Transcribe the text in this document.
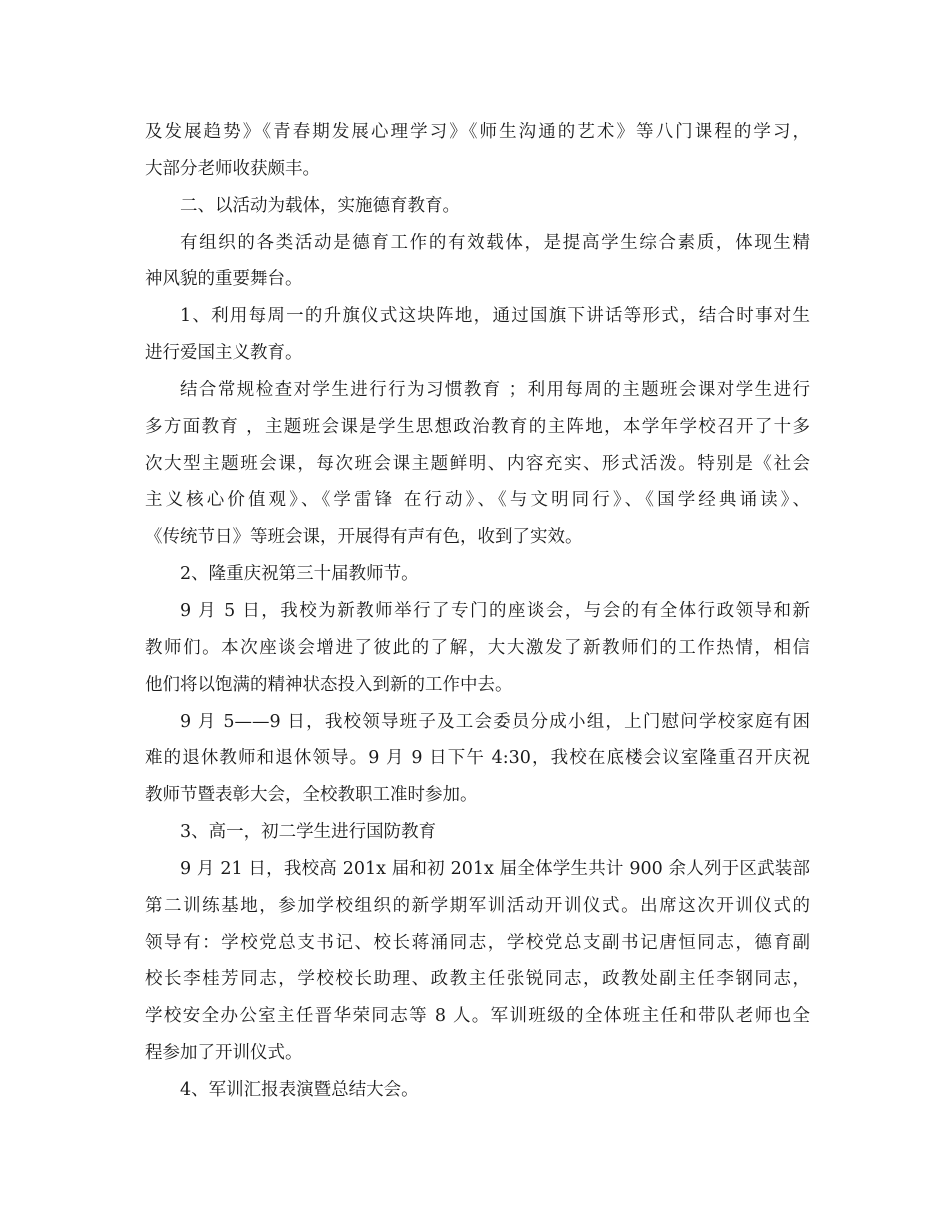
及发展趋势》《青春期发展心理学习》《师生沟通的艺术》等八门课程的学习，
大部分老师收获颇丰。
二、以活动为载体，实施德育教育。
有组织的各类活动是德育工作的有效载体，是提高学生综合素质，体现生精
神风貌的重要舞台。
1、利用每周一的升旗仪式这块阵地，通过国旗下讲话等形式，结合时事对生
进行爱国主义教育。
结合常规检查对学生进行行为习惯教育 ；利用每周的主题班会课对学生进行
多方面教育 ，主题班会课是学生思想政治教育的主阵地，本学年学校召开了十多
次大型主题班会课，每次班会课主题鲜明、内容充实、形式活泼。特别是《社会
主义核心价值观》、《学雷锋 在行动》、《与文明同行》、《国学经典诵读》、
《传统节日》等班会课，开展得有声有色，收到了实效。
2、隆重庆祝第三十届教师节。
9 月 5 日，我校为新教师举行了专门的座谈会，与会的有全体行政领导和新
教师们。本次座谈会增进了彼此的了解，大大激发了新教师们的工作热情，相信
他们将以饱满的精神状态投入到新的工作中去。
9 月 5——9 日，我校领导班子及工会委员分成小组，上门慰问学校家庭有困
难的退休教师和退休领导。9 月 9 日下午 4:30，我校在底楼会议室隆重召开庆祝
教师节暨表彰大会，全校教职工准时参加。
3、高一，初二学生进行国防教育
9 月 21 日，我校高 201x 届和初 201x 届全体学生共计 900 余人列于区武装部
第二训练基地，参加学校组织的新学期军训活动开训仪式。出席这次开训仪式的
领导有：学校党总支书记、校长蒋涌同志，学校党总支副书记唐恒同志，德育副
校长李桂芳同志，学校校长助理、政教主任张锐同志，政教处副主任李钢同志，
学校安全办公室主任晋华荣同志等 8 人。军训班级的全体班主任和带队老师也全
程参加了开训仪式。
4、军训汇报表演暨总结大会。
